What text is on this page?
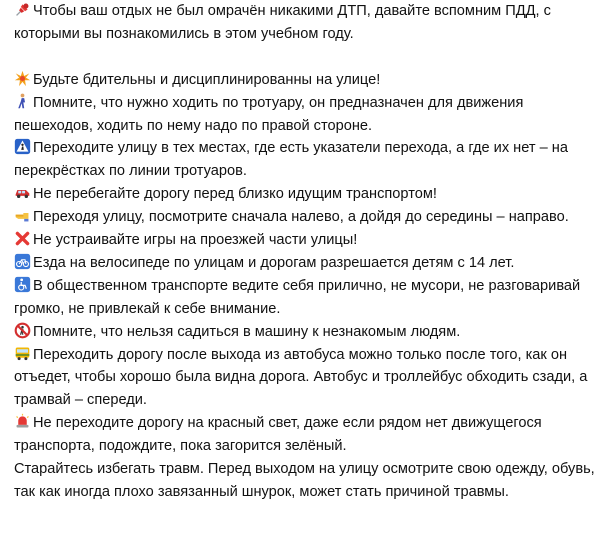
Чтобы ваш отдых не был омрачён никакими ДТП, давайте вспомним ПДД, с которыми вы познакомились в этом учебном году.

Будьте бдительны и дисциплинированны на улице!

Помните, что нужно ходить по тротуару, он предназначен для движения пешеходов, ходить по нему надо по правой стороне.

Переходите улицу в тех местах, где есть указатели перехода, а где их нет – на перекрёстках по линии тротуаров.

Не перебегайте дорогу перед близко идущим транспортом!

Переходя улицу, посмотрите сначала налево, а дойдя до середины – направо.

Не устраивайте игры на проезжей части улицы!

Езда на велосипеде по улицам и дорогам разрешается детям с 14 лет.

В общественном транспорте ведите себя прилично, не мусори, не разговаривай громко, не привлекай к себе внимание.

Помните, что нельзя садиться в машину к незнакомым людям.

Переходить дорогу после выхода из автобуса можно только после того, как он отъедет, чтобы хорошо была видна дорога. Автобус и троллейбус обходить сзади, а трамвай – спереди.

Не переходите дорогу на красный свет, даже если рядом нет движущегося транспорта, подождите, пока загорится зелёный.

Старайтесь избегать травм. Перед выходом на улицу осмотрите свою одежду, обувь, так как иногда плохо завязанный шнурок, может стать причиной травмы.
